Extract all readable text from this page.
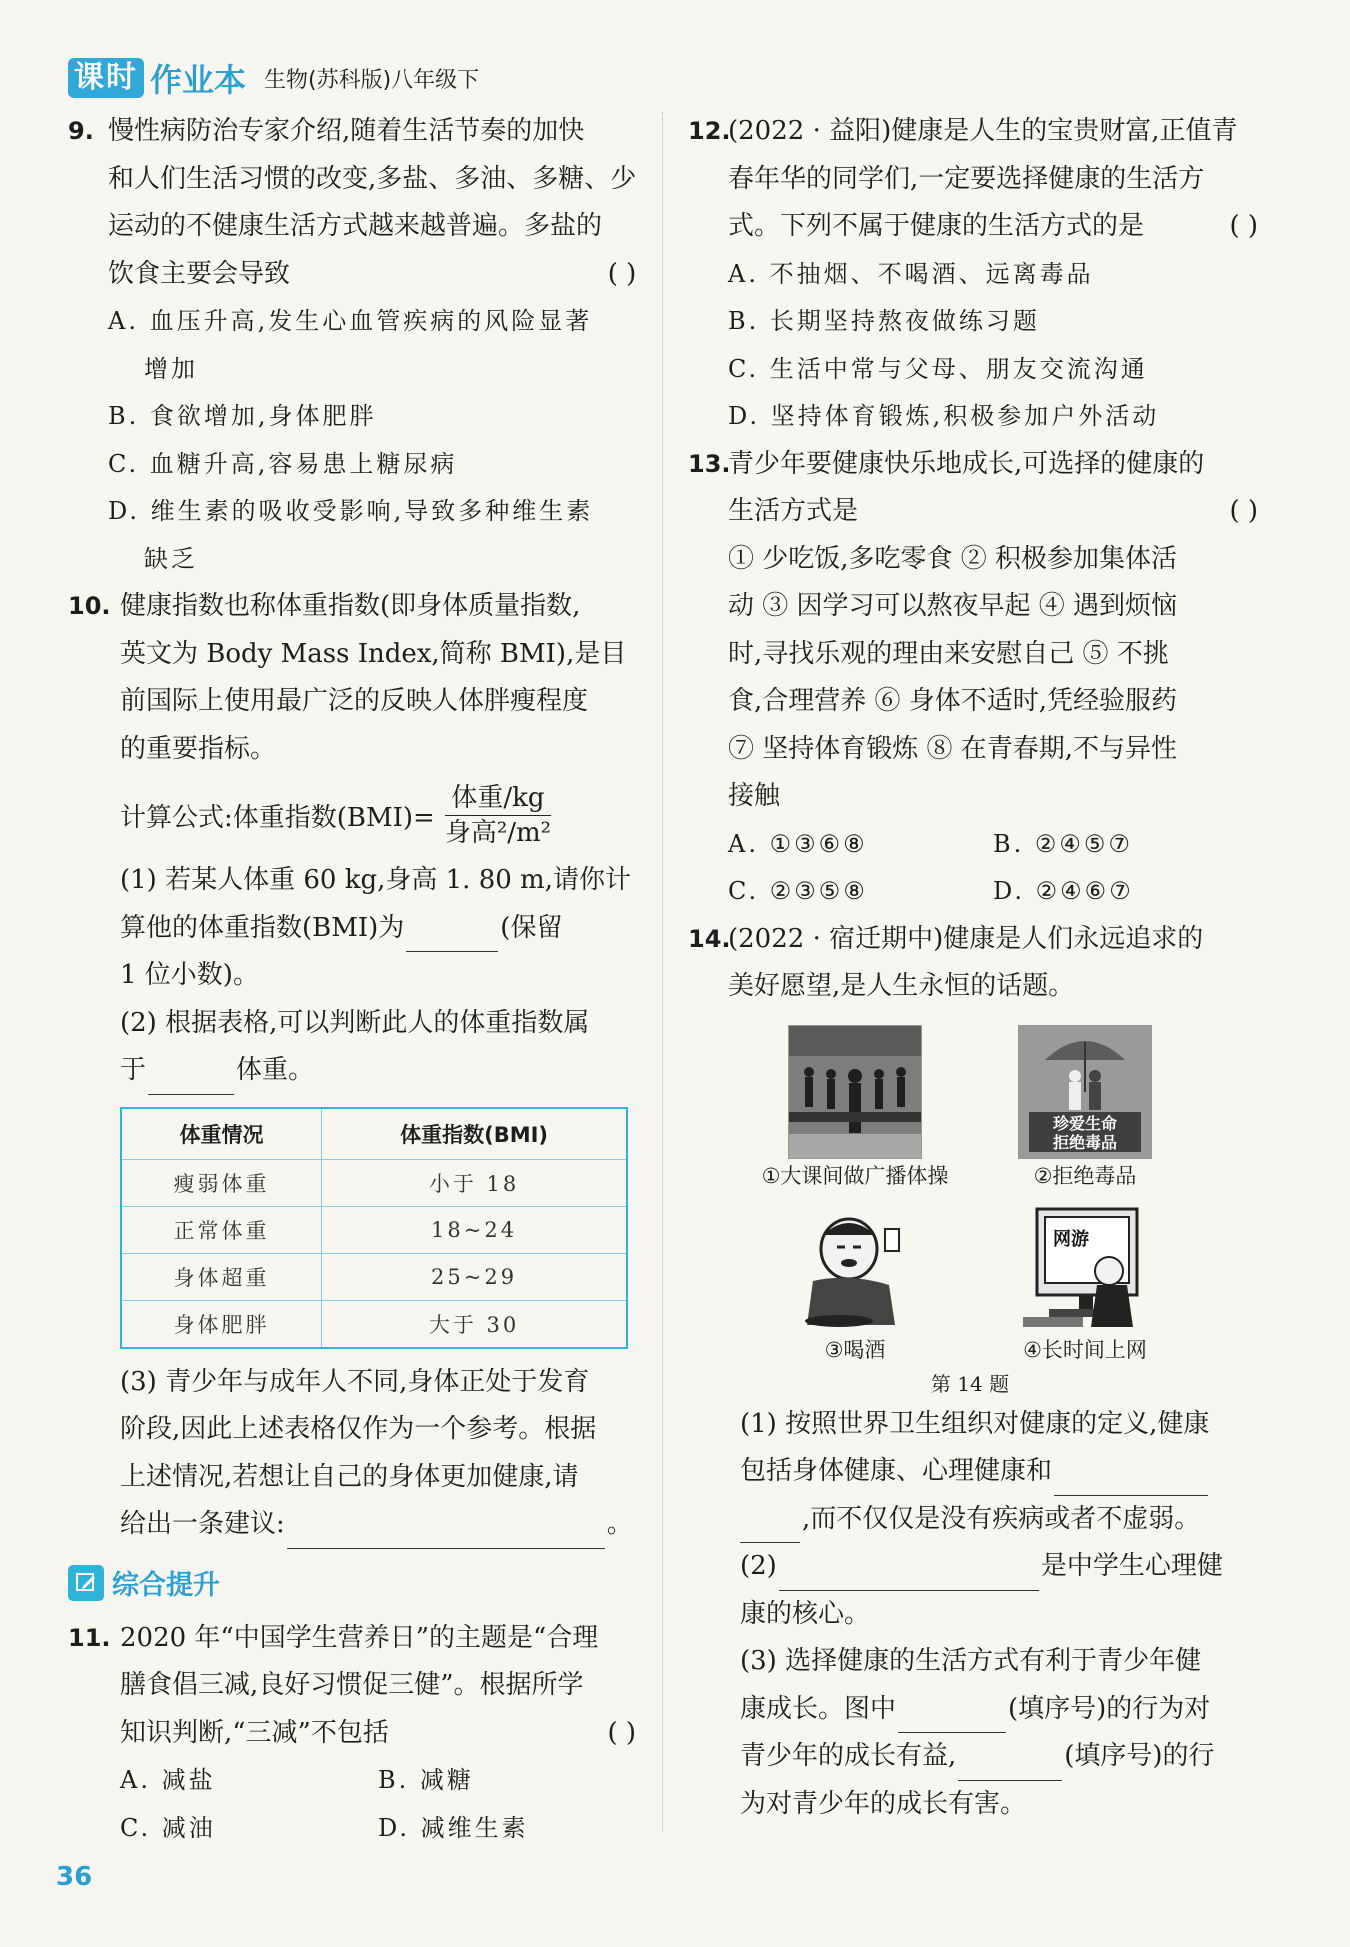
课时 作业本 生物(苏科版)八年级下
9. 慢性病防治专家介绍,随着生活节奏的加快
和人们生活习惯的改变,多盐、多油、多糖、少
运动的不健康生活方式越来越普遍。多盐的
饮食主要会导致	( )
A. 血压升高,发生心血管疾病的风险显著
增加
B. 食欲增加,身体肥胖
C. 血糖升高,容易患上糖尿病
D. 维生素的吸收受影响,导致多种维生素
缺乏
10. 健康指数也称体重指数(即身体质量指数,
英文为 Body Mass Index,简称 BMI),是目
前国际上使用最广泛的反映人体胖瘦程度
的重要指标。
计算公式:体重指数$(BMI)= \frac{\text{体重/kg}}{\text{身高²/m²}}$
(1) 若某人体重 60 kg,身高 1. 80 m,请你计
算他的体重指数(BMI)为	(保留
1 位小数)。
(2) 根据表格,可以判断此人的体重指数属
于	体重。
体重情况	体重指数(BMI)
瘦弱体重	小于 18
正常体重	18~24
身体超重	25~29
身体肥胖	大于 30
(3) 青少年与成年人不同,身体正处于发育
阶段,因此上述表格仅作为一个参考。根据
上述情况,若想让自己的身体更加健康,请
给出一条建议:	。
综合提升
11. 2020 年“中国学生营养日”的主题是“合理
膳食倡三减,良好习惯促三健”。根据所学
知识判断,“三减”不包括	( )
A. 减盐	B. 减糖
C. 减油	D. 减维生素
12.
(2022 · 益阳)健康是人生的宝贵财富,正值青
春年华的同学们,一定要选择健康的生活方
式。下列不属于健康的生活方式的是	( )
A. 不抽烟、不喝酒、远离毒品
B. 长期坚持熬夜做练习题
C. 生活中常与父母、朋友交流沟通
D. 坚持体育锻炼,积极参加户外活动
13.
青少年要健康快乐地成长,可选择的健康的
生活方式是	( )
① 少吃饭,多吃零食 ② 积极参加集体活
动 ③ 因学习可以熬夜早起 ④ 遇到烦恼
时,寻找乐观的理由来安慰自己 ⑤ 不挑
食,合理营养 ⑥ 身体不适时,凭经验服药
⑦ 坚持体育锻炼 ⑧ 在青春期,不与异性
接触
A. ①③⑥⑧	B. ②④⑤⑦
C. ②③⑤⑧	D. ②④⑥⑦
14.
(2022 · 宿迁期中)健康是人们永远追求的
美好愿望,是人生永恒的话题。
①大课间做广播体操
珍爱生命
拒绝毒品
②拒绝毒品
③喝酒
网游
④长时间上网
第 14 题
(1) 按照世界卫生组织对健康的定义,健康
包括身体健康、心理健康和
,而不仅仅是没有疾病或者不虚弱。
(2)	是中学生心理健
康的核心。
(3) 选择健康的生活方式有利于青少年健
康成长。图中	(填序号)的行为对
青少年的成长有益,	(填序号)的行
为对青少年的成长有害。
36
